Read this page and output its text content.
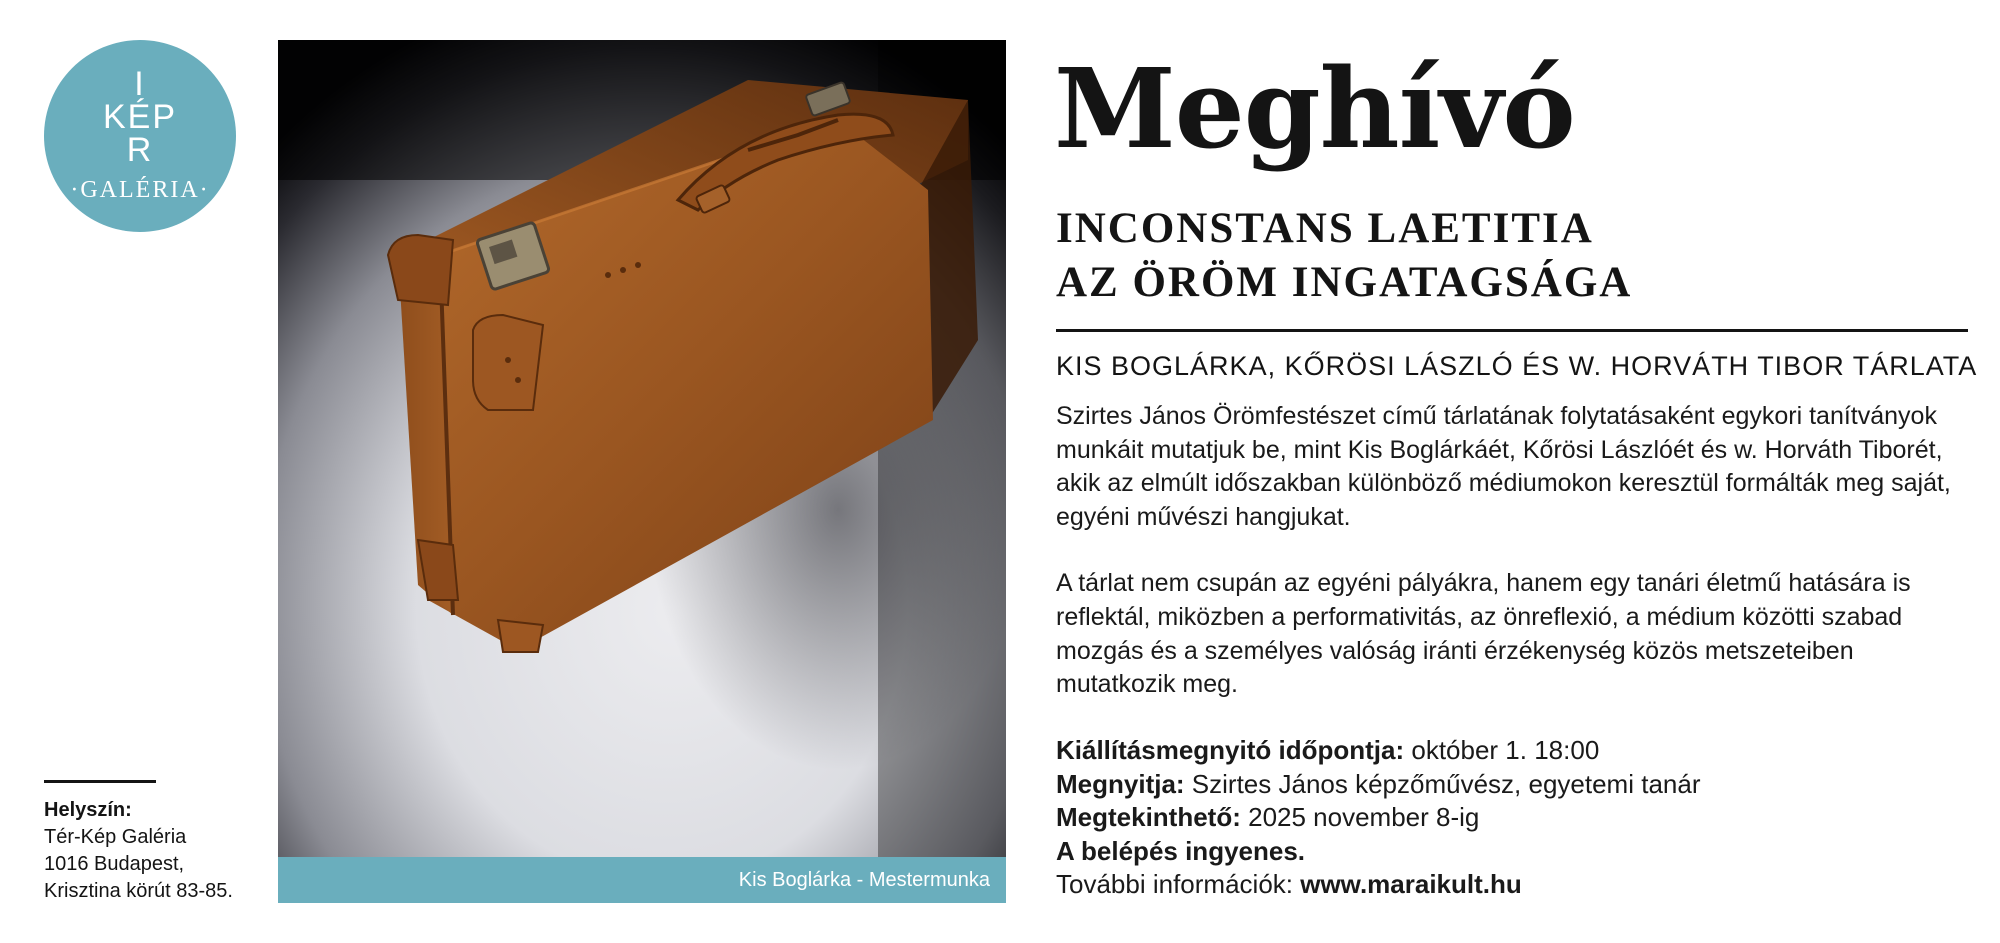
I
KÉP
R
·GALÉRIA·
Helyszín:
Tér-Kép Galéria
1016 Budapest,
Krisztina körút 83-85.	Kis Boglárka - Mestermunka
Meghívó
INCONSTANS LAETITIA
AZ ÖRÖM INGATAGSÁGA
KIS BOGLÁRKA, KŐRÖSI LÁSZLÓ ÉS W. HORVÁTH TIBOR TÁRLATA

Szirtes János Örömfestészet című tárlatának folytatásaként egykori tanítványok munkáit mutatjuk be, mint Kis Boglárkáét, Kőrösi Lászlóét és w. Horváth Tiborét, akik az elmúlt időszakban különböző médiumokon keresztül formálták meg saját, egyéni művészi hangjukat.

A tárlat nem csupán az egyéni pályákra, hanem egy tanári életmű hatására is reflektál, miközben a performativitás, az önreflexió, a médium közötti szabad mozgás és a személyes valóság iránti érzékenység közös metszeteiben mutatkozik meg.

Kiállításmegnyitó időpontja: október 1. 18:00
Megnyitja: Szirtes János képzőművész, egyetemi tanár
Megtekinthető: 2025 november 8-ig
A belépés ingyenes.
További információk: www.maraikult.hu
